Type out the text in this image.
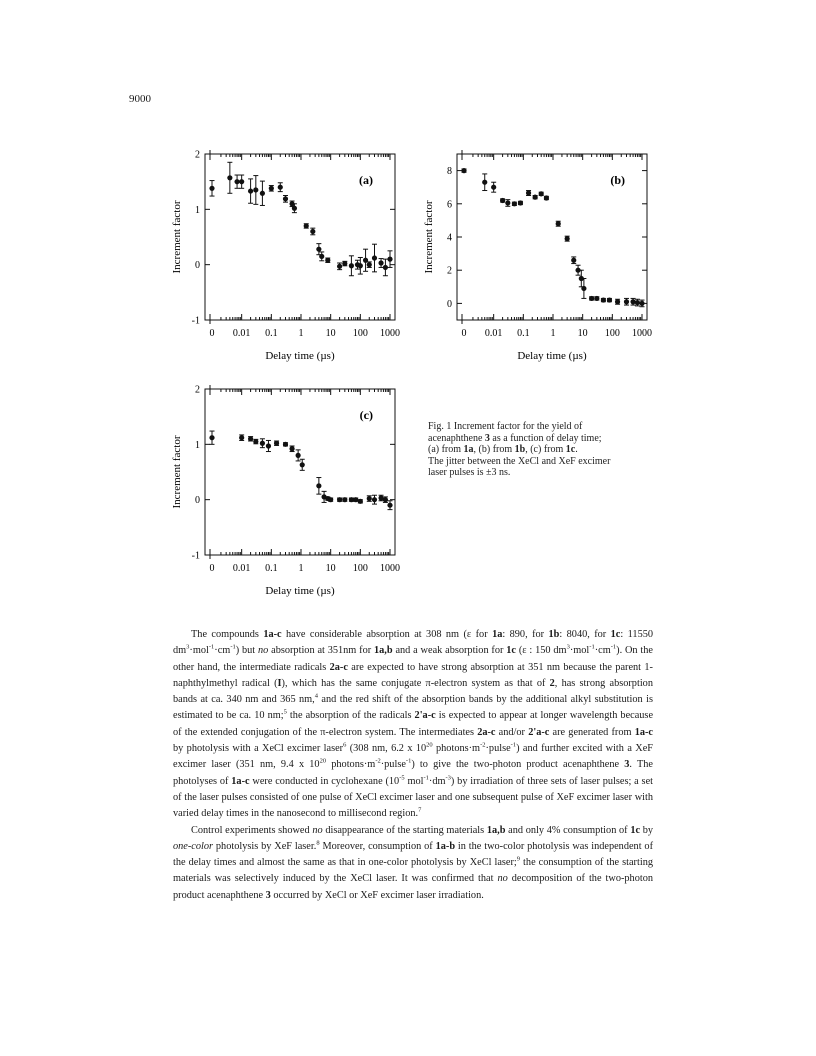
9000
Increment factor
Delay time (µs)
(a)
-1
0
1
2
0 0.01 0.1 1 10 100 1000
Increment factor
Delay time (µs)
(b)
0
2
4
6
8
0 0.01 0.1 1 10 100 1000
Increment factor
Delay time (µs)
(c)
-1
0
1
2
0 0.01 0.1 1 10 100 1000
Fig. 1 Increment factor for the yield of
acenaphthene 3 as a function of delay time;
(a) from 1a, (b) from 1b, (c) from 1c.
The jitter between the XeCl and XeF excimer
laser pulses is ±3 ns.

The compounds 1a-c have considerable absorption at 308 nm (ε for 1a: 890, for 1b: 8040, for 1c: 11550 $dm^3\cdot mol^{-1}\cdot cm^{-1}$) but no absorption at 351nm for 1a,b and a weak absorption for 1c (ε : 150 $dm^3\cdot mol^{-1}\cdot cm^{-1}$). On the other hand, the intermediate radicals 2a-c are expected to have strong absorption at 351 nm because the parent 1-naphthylmethyl radical (I), which has the same conjugate π-electron system as that of 2, has strong absorption bands at ca. 340 nm and 365 nm,$^4$ and the red shift of the absorption bands by the additional alkyl substitution is estimated to be ca. 10 nm;$^5$ the absorption of the radicals 2'a-c is expected to appear at longer wavelength because of the extended conjugation of the π-electron system. The intermediates 2a-c and/or 2'a-c are generated from 1a-c by photolysis with a XeCl excimer laser$^6$ (308 nm, 6.2 x $10^{20}$ $photons\cdot m^{-2}\cdot pulse^{-1}$) and further excited with a XeF excimer laser (351 nm, 9.4 x $10^{20}$ $photons\cdot m^{-2}\cdot pulse^{-1}$) to give the two-photon product acenaphthene 3. The photolyses of 1a-c were conducted in cyclohexane ($10^{-5}$ $mol^{-1}\cdot dm^{-3}$) by irradiation of three sets of laser pulses; a set of the laser pulses consisted of one pulse of XeCl excimer laser and one subsequent pulse of XeF excimer laser with varied delay times in the nanosecond to millisecond region.$^7$

Control experiments showed no disappearance of the starting materials 1a,b and only 4% consumption of 1c by one-color photolysis by XeF laser.$^8$ Moreover, consumption of 1a-b in the two-color photolysis was independent of the delay times and almost the same as that in one-color photolysis by XeCl laser;$^9$ the consumption of the starting materials was selectively induced by the XeCl laser. It was confirmed that no decomposition of the two-photon product acenaphthene 3 occurred by XeCl or XeF excimer laser irradiation.
